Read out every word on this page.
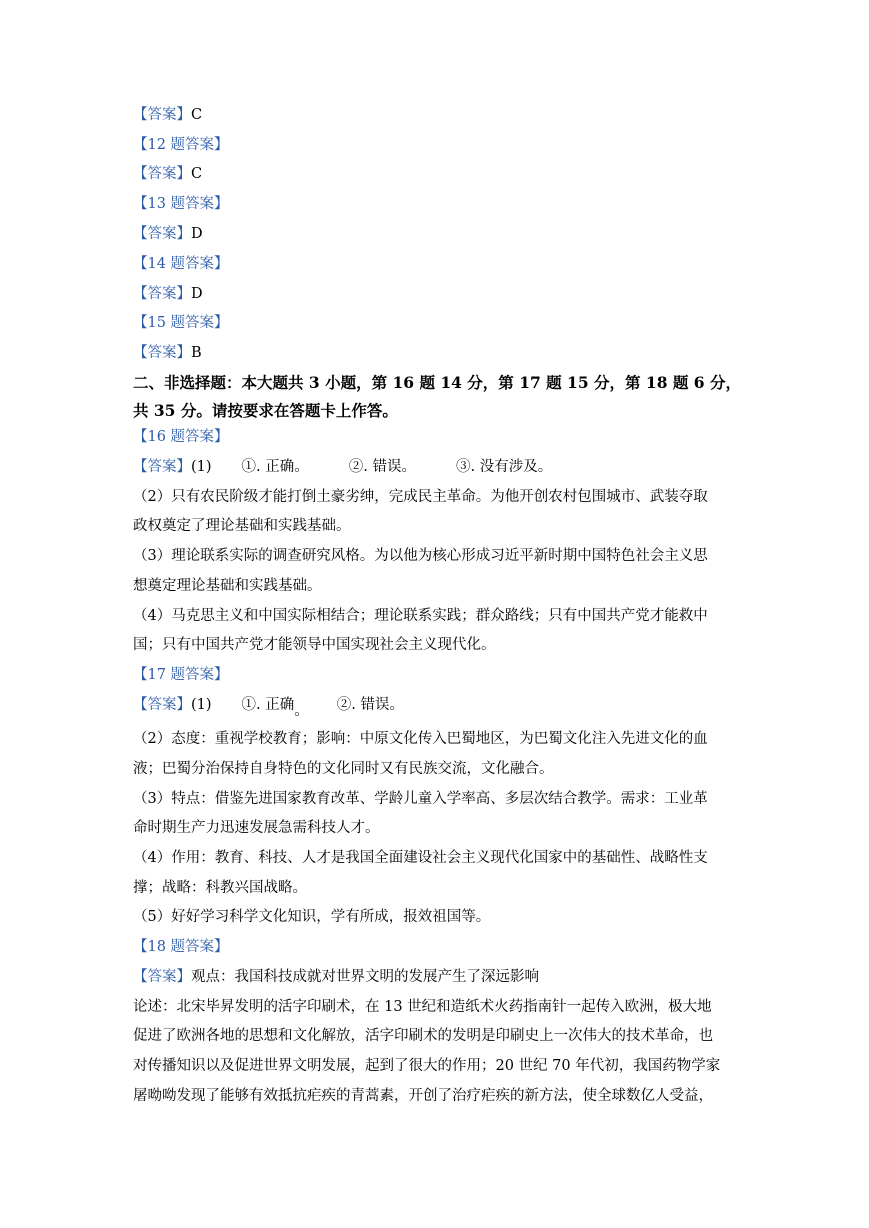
【答案】C
【12 题答案】
【答案】C
【13 题答案】
【答案】D
【14 题答案】
【答案】D
【15 题答案】
【答案】B
二、非选择题：本大题共 3 小题，第 16 题 14 分，第 17 题 15 分，第 18 题 6 分，
共 35 分。请按要求在答题卡上作答。
【16 题答案】
【答案】(1) ①. 正确。	②. 错误。	③. 没有涉及。
（2）只有农民阶级才能打倒土豪劣绅，完成民主革命。为他开创农村包围城市、武装夺取
政权奠定了理论基础和实践基础。
（3）理论联系实际的调查研究风格。为以他为核心形成习近平新时期中国特色社会主义思
想奠定理论基础和实践基础。
（4）马克思主义和中国实际相结合；理论联系实践；群众路线；只有中国共产党才能救中
国；只有中国共产党才能领导中国实现社会主义现代化。
【17 题答案】
【答案】(1) ①. 正确。 ②. 错误。
（2）态度：重视学校教育；影响：中原文化传入巴蜀地区，为巴蜀文化注入先进文化的血
液；巴蜀分治保持自身特色的文化同时又有民族交流，文化融合。
（3）特点：借鉴先进国家教育改革、学龄儿童入学率高、多层次结合教学。需求：工业革
命时期生产力迅速发展急需科技人才。
（4）作用：教育、科技、人才是我国全面建设社会主义现代化国家中的基础性、战略性支
撑；战略：科教兴国战略。
（5）好好学习科学文化知识，学有所成，报效祖国等。
【18 题答案】
【答案】观点：我国科技成就对世界文明的发展产生了深远影响
论述：北宋毕昇发明的活字印刷术，在 13 世纪和造纸术火药指南针一起传入欧洲，极大地
促进了欧洲各地的思想和文化解放，活字印刷术的发明是印刷史上一次伟大的技术革命，也
对传播知识以及促进世界文明发展，起到了很大的作用；20 世纪 70 年代初，我国药物学家
屠呦呦发现了能够有效抵抗疟疾的青蒿素，开创了治疗疟疾的新方法，使全球数亿人受益，
